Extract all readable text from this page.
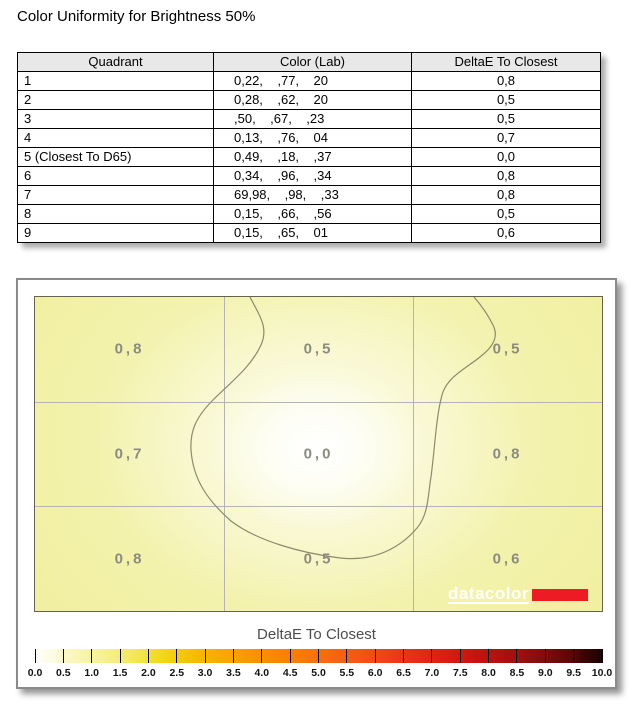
Color Uniformity for Brightness 50%
Quadrant	Color (Lab)	DeltaE To Closest
1	0,22,    ,77,    20	0,8
2	0,28,    ,62,    20	0,5
3	,50,    ,67,    ,23	0,5
4	0,13,    ,76,    04	0,7
5 (Closest To D65)	0,49,    ,18,    ,37	0,0
6	0,34,    ,96,    ,34	0,8
7	69,98,    ,98,    ,33	0,8
8	0,15,    ,66,    ,56	0,5
9	0,15,    ,65,    01	0,6
0,8	0,5	0,5
0,7	0,0	0,8
0,8	0,5	0,6
datacolor
DeltaE To Closest
0.0 0.5 1.0 1.5 2.0 2.5 3.0 3.5 4.0 4.5 5.0 5.5 6.0 6.5 7.0 7.5 8.0 8.5 9.0 9.5 10.0
